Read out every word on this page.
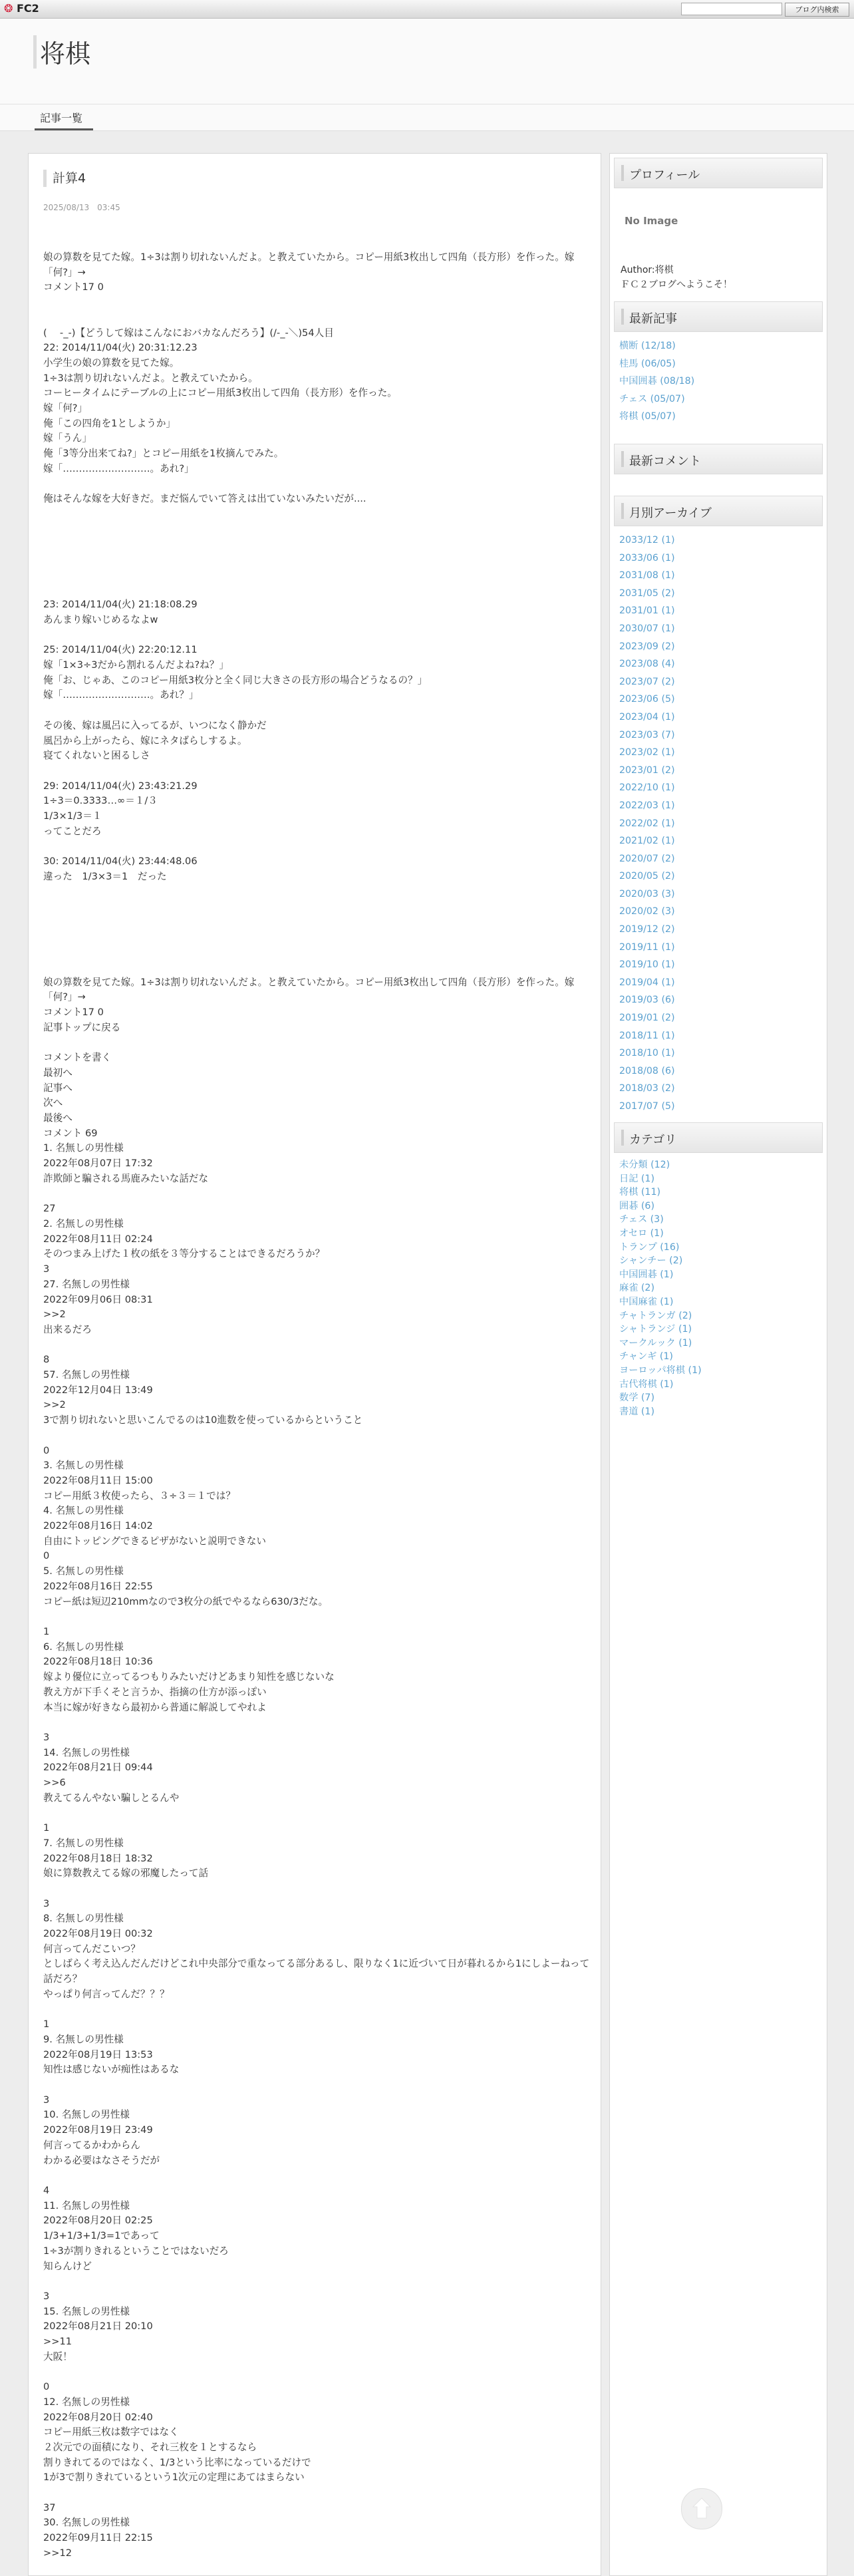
❂ FC2	ブログ内検索
将棋
記事一覧
計算4
2025/08/13　03:45
娘の算数を見てた嫁。1÷3は割り切れないんだよ。と教えていたから。コピー用紙3枚出して四角（長方形）を作った。嫁「何?」→
コメント17 0

( 　-_-)【どうして嫁はこんなにおバカなんだろう】(/-_-＼)54人目
22: 2014/11/04(火) 20:31:12.23
小学生の娘の算数を見てた嫁。
1÷3は割り切れないんだよ。と教えていたから。
コーヒータイムにテーブルの上にコピー用紙3枚出して四角（長方形）を作った。
嫁「何?」
俺「この四角を1としようか」
嫁「うん」
俺「3等分出来てね?」とコピー用紙を1枚摘んでみた。
嫁「………………………。あれ?」

俺はそんな嫁を大好きだ。まだ悩んでいて答えは出ていないみたいだが....

23: 2014/11/04(火) 21:18:08.29
あんまり嫁いじめるなよw

25: 2014/11/04(火) 22:20:12.11
嫁「1×3÷3だから割れるんだよね?ね？」
俺「お、じゃあ、このコピー用紙3枚分と全く同じ大きさの長方形の場合どうなるの？」
嫁「………………………。あれ？」

その後、嫁は風呂に入ってるが、いつになく静かだ
風呂から上がったら、嫁にネタばらしするよ。
寝てくれないと困るしさ

29: 2014/11/04(火) 23:43:21.29
1÷3＝0.3333…∞＝１/３
1/3×1/3＝１
ってことだろ

30: 2014/11/04(火) 23:44:48.06
違った　1/3×3＝1　だった

娘の算数を見てた嫁。1÷3は割り切れないんだよ。と教えていたから。コピー用紙3枚出して四角（長方形）を作った。嫁「何?」→
コメント17 0
記事トップに戻る

コメントを書く
最初へ
記事へ
次へ
最後へ
コメント 69
1. 名無しの男性様
2022年08月07日 17:32
詐欺師と騙される馬鹿みたいな話だな

27
2. 名無しの男性様
2022年08月11日 02:24
そのつまみ上げた１枚の紙を３等分することはできるだろうか？
3
27. 名無しの男性様
2022年09月06日 08:31
>>2
出来るだろ

8
57. 名無しの男性様
2022年12月04日 13:49
>>2
3で割り切れないと思いこんでるのは10進数を使っているからということ

0
3. 名無しの男性様
2022年08月11日 15:00
コピー用紙３枚使ったら、３÷３＝１では？
4. 名無しの男性様
2022年08月16日 14:02
自由にトッピングできるピザがないと説明できない
0
5. 名無しの男性様
2022年08月16日 22:55
コピー紙は短辺210mmなので3枚分の紙でやるなら630/3だな。

1
6. 名無しの男性様
2022年08月18日 10:36
嫁より優位に立ってるつもりみたいだけどあまり知性を感じないな
教え方が下手くそと言うか、指摘の仕方が添っぽい
本当に嫁が好きなら最初から普通に解説してやれよ

3
14. 名無しの男性様
2022年08月21日 09:44
>>6
教えてるんやない騙しとるんや

1
7. 名無しの男性様
2022年08月18日 18:32
娘に算数教えてる嫁の邪魔したって話

3
8. 名無しの男性様
2022年08月19日 00:32
何言ってんだこいつ？
としばらく考え込んだんだけどこれ中央部分で重なってる部分あるし、限りなく1に近づいて日が暮れるから1にしよーねって話だろ？
やっぱり何言ってんだ？？？

1
9. 名無しの男性様
2022年08月19日 13:53
知性は感じないが痴性はあるな

3
10. 名無しの男性様
2022年08月19日 23:49
何言ってるかわからん
わかる必要はなさそうだが

4
11. 名無しの男性様
2022年08月20日 02:25
1/3+1/3+1/3=1であって
1÷3が割りきれるということではないだろ
知らんけど

3
15. 名無しの男性様
2022年08月21日 20:10
>>11
大阪！

0
12. 名無しの男性様
2022年08月20日 02:40
コピー用紙三枚は数字ではなく
２次元での面積になり、それ三枚を１とするなら
割りきれてるのではなく、1/3という比率になっているだけで
1が3で割りきれているという1次元の定理にあてはまらない

37
30. 名無しの男性様
2022年09月11日 22:15
>>12
プロフィール
No Image
Author:将棋
ＦＣ２ブログへようこそ！
最新記事
横断 (12/18)
桂馬 (06/05)
中国囲碁 (08/18)
チェス (05/07)
将棋 (05/07)
最新コメント
月別アーカイブ
2033/12 (1)
2033/06 (1)
2031/08 (1)
2031/05 (2)
2031/01 (1)
2030/07 (1)
2023/09 (2)
2023/08 (4)
2023/07 (2)
2023/06 (5)
2023/04 (1)
2023/03 (7)
2023/02 (1)
2023/01 (2)
2022/10 (1)
2022/03 (1)
2022/02 (1)
2021/02 (1)
2020/07 (2)
2020/05 (2)
2020/03 (3)
2020/02 (3)
2019/12 (2)
2019/11 (1)
2019/10 (1)
2019/04 (1)
2019/03 (6)
2019/01 (2)
2018/11 (1)
2018/10 (1)
2018/08 (6)
2018/03 (2)
2017/07 (5)
カテゴリ
未分類 (12)
日記 (1)
将棋 (11)
囲碁 (6)
チェス (3)
オセロ (1)
トランプ (16)
シャンチー (2)
中国囲碁 (1)
麻雀 (2)
中国麻雀 (1)
チャトランガ (2)
シャトランジ (1)
マークルック (1)
チャンギ (1)
ヨーロッパ将棋 (1)
古代将棋 (1)
数学 (7)
書道 (1)
